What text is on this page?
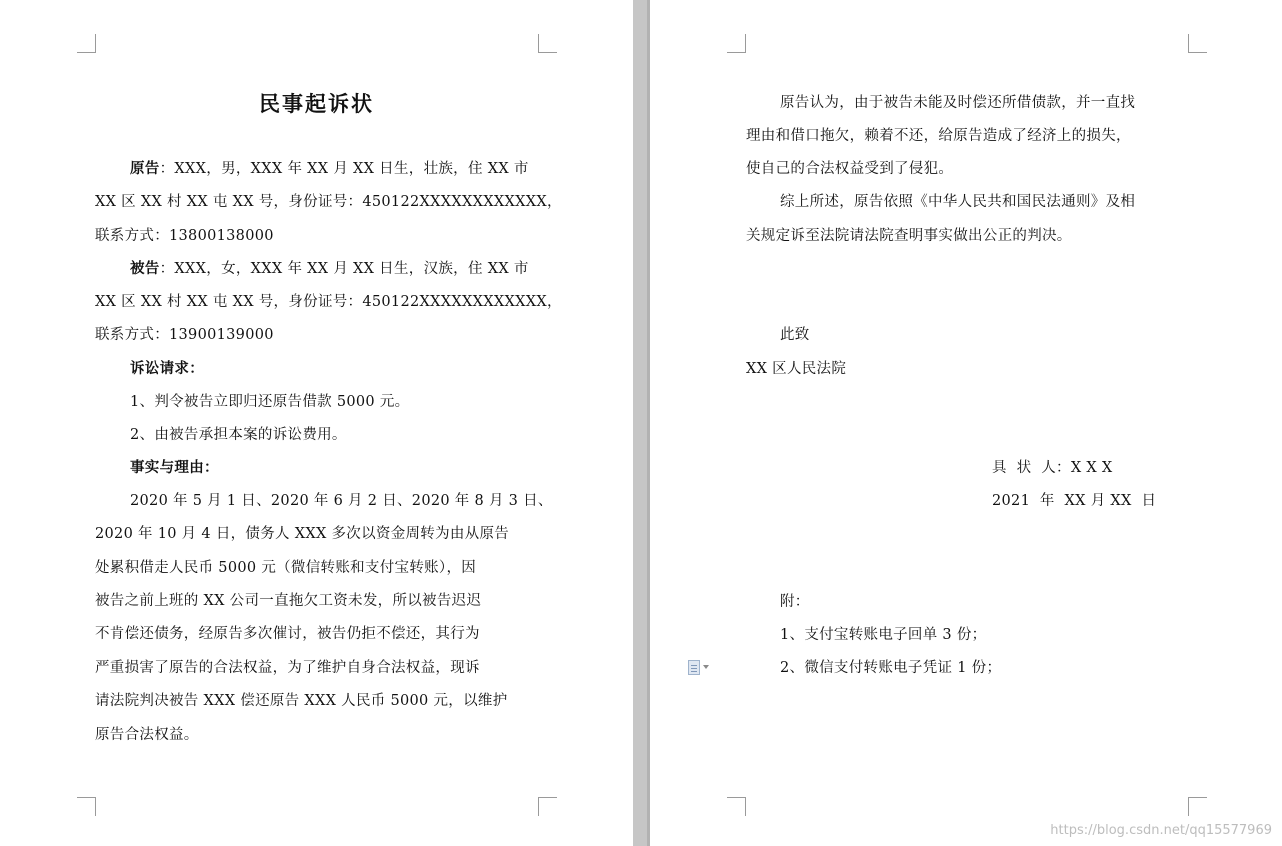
民事起诉状
原告：XXX，男，XXX 年 XX 月 XX 日生，壮族，住 XX 市
XX 区 XX 村 XX 屯 XX 号，身份证号：450122XXXXXXXXXXXX，
联系方式：13800138000
被告：XXX，女，XXX 年 XX 月 XX 日生，汉族，住 XX 市
XX 区 XX 村 XX 屯 XX 号，身份证号：450122XXXXXXXXXXXX，
联系方式：13900139000
诉讼请求：
1、判令被告立即归还原告借款 5000 元。
2、由被告承担本案的诉讼费用。
事实与理由：
2020 年 5 月 1 日、2020 年 6 月 2 日、2020 年 8 月 3 日、
2020 年 10 月 4 日，债务人 XXX 多次以资金周转为由从原告
处累积借走人民币 5000 元（微信转账和支付宝转账），因
被告之前上班的 XX 公司一直拖欠工资未发，所以被告迟迟
不肯偿还债务，经原告多次催讨，被告仍拒不偿还，其行为
严重损害了原告的合法权益，为了维护自身合法权益，现诉
请法院判决被告 XXX 偿还原告 XXX 人民币 5000 元，以维护
原告合法权益。
原告认为，由于被告未能及时偿还所借债款，并一直找
理由和借口拖欠，赖着不还，给原告造成了经济上的损失，
使自己的合法权益受到了侵犯。
综上所述，原告依照《中华人民共和国民法通则》及相
关规定诉至法院请法院查明事实做出公正的判决。
此致
XX 区人民法院
具  状  人：X X X
2021  年  XX 月 XX  日
附：
1、支付宝转账电子回单 3 份；
2、微信支付转账电子凭证 1 份；
https://blog.csdn.net/qq15577969
